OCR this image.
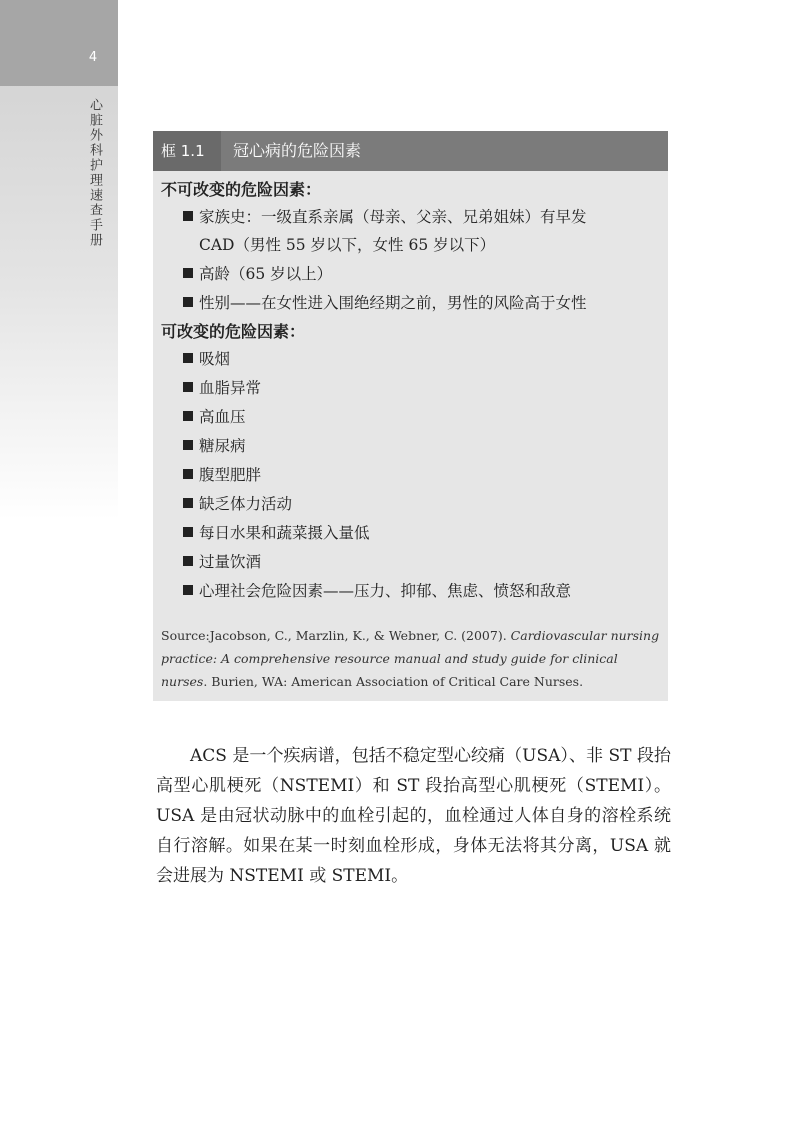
4
心脏外科护理速查手册	框 1.1	冠心病的危险因素
不可改变的危险因素：
家族史：一级直系亲属（母亲、父亲、兄弟姐妹）有早发
CAD（男性 55 岁以下，女性 65 岁以下）
高龄（65 岁以上）
性别——在女性进入围绝经期之前，男性的风险高于女性
可改变的危险因素：
吸烟
血脂异常
高血压
糖尿病
腹型肥胖
缺乏体力活动
每日水果和蔬菜摄入量低
过量饮酒
心理社会危险因素——压力、抑郁、焦虑、愤怒和敌意
Source:Jacobson, C., Marzlin, K., & Webner, C. (2007). Cardiovascular nursing practice: A comprehensive resource manual and study guide for clinical nurses. Burien, WA: American Association of Critical Care Nurses.
ACS 是一个疾病谱，包括不稳定型心绞痛（USA）、非 ST 段抬高型心肌梗死（NSTEMI）和 ST 段抬高型心肌梗死（STEMI）。USA 是由冠状动脉中的血栓引起的，血栓通过人体自身的溶栓系统自行溶解。如果在某一时刻血栓形成，身体无法将其分离，USA 就会进展为 NSTEMI 或 STEMI。
